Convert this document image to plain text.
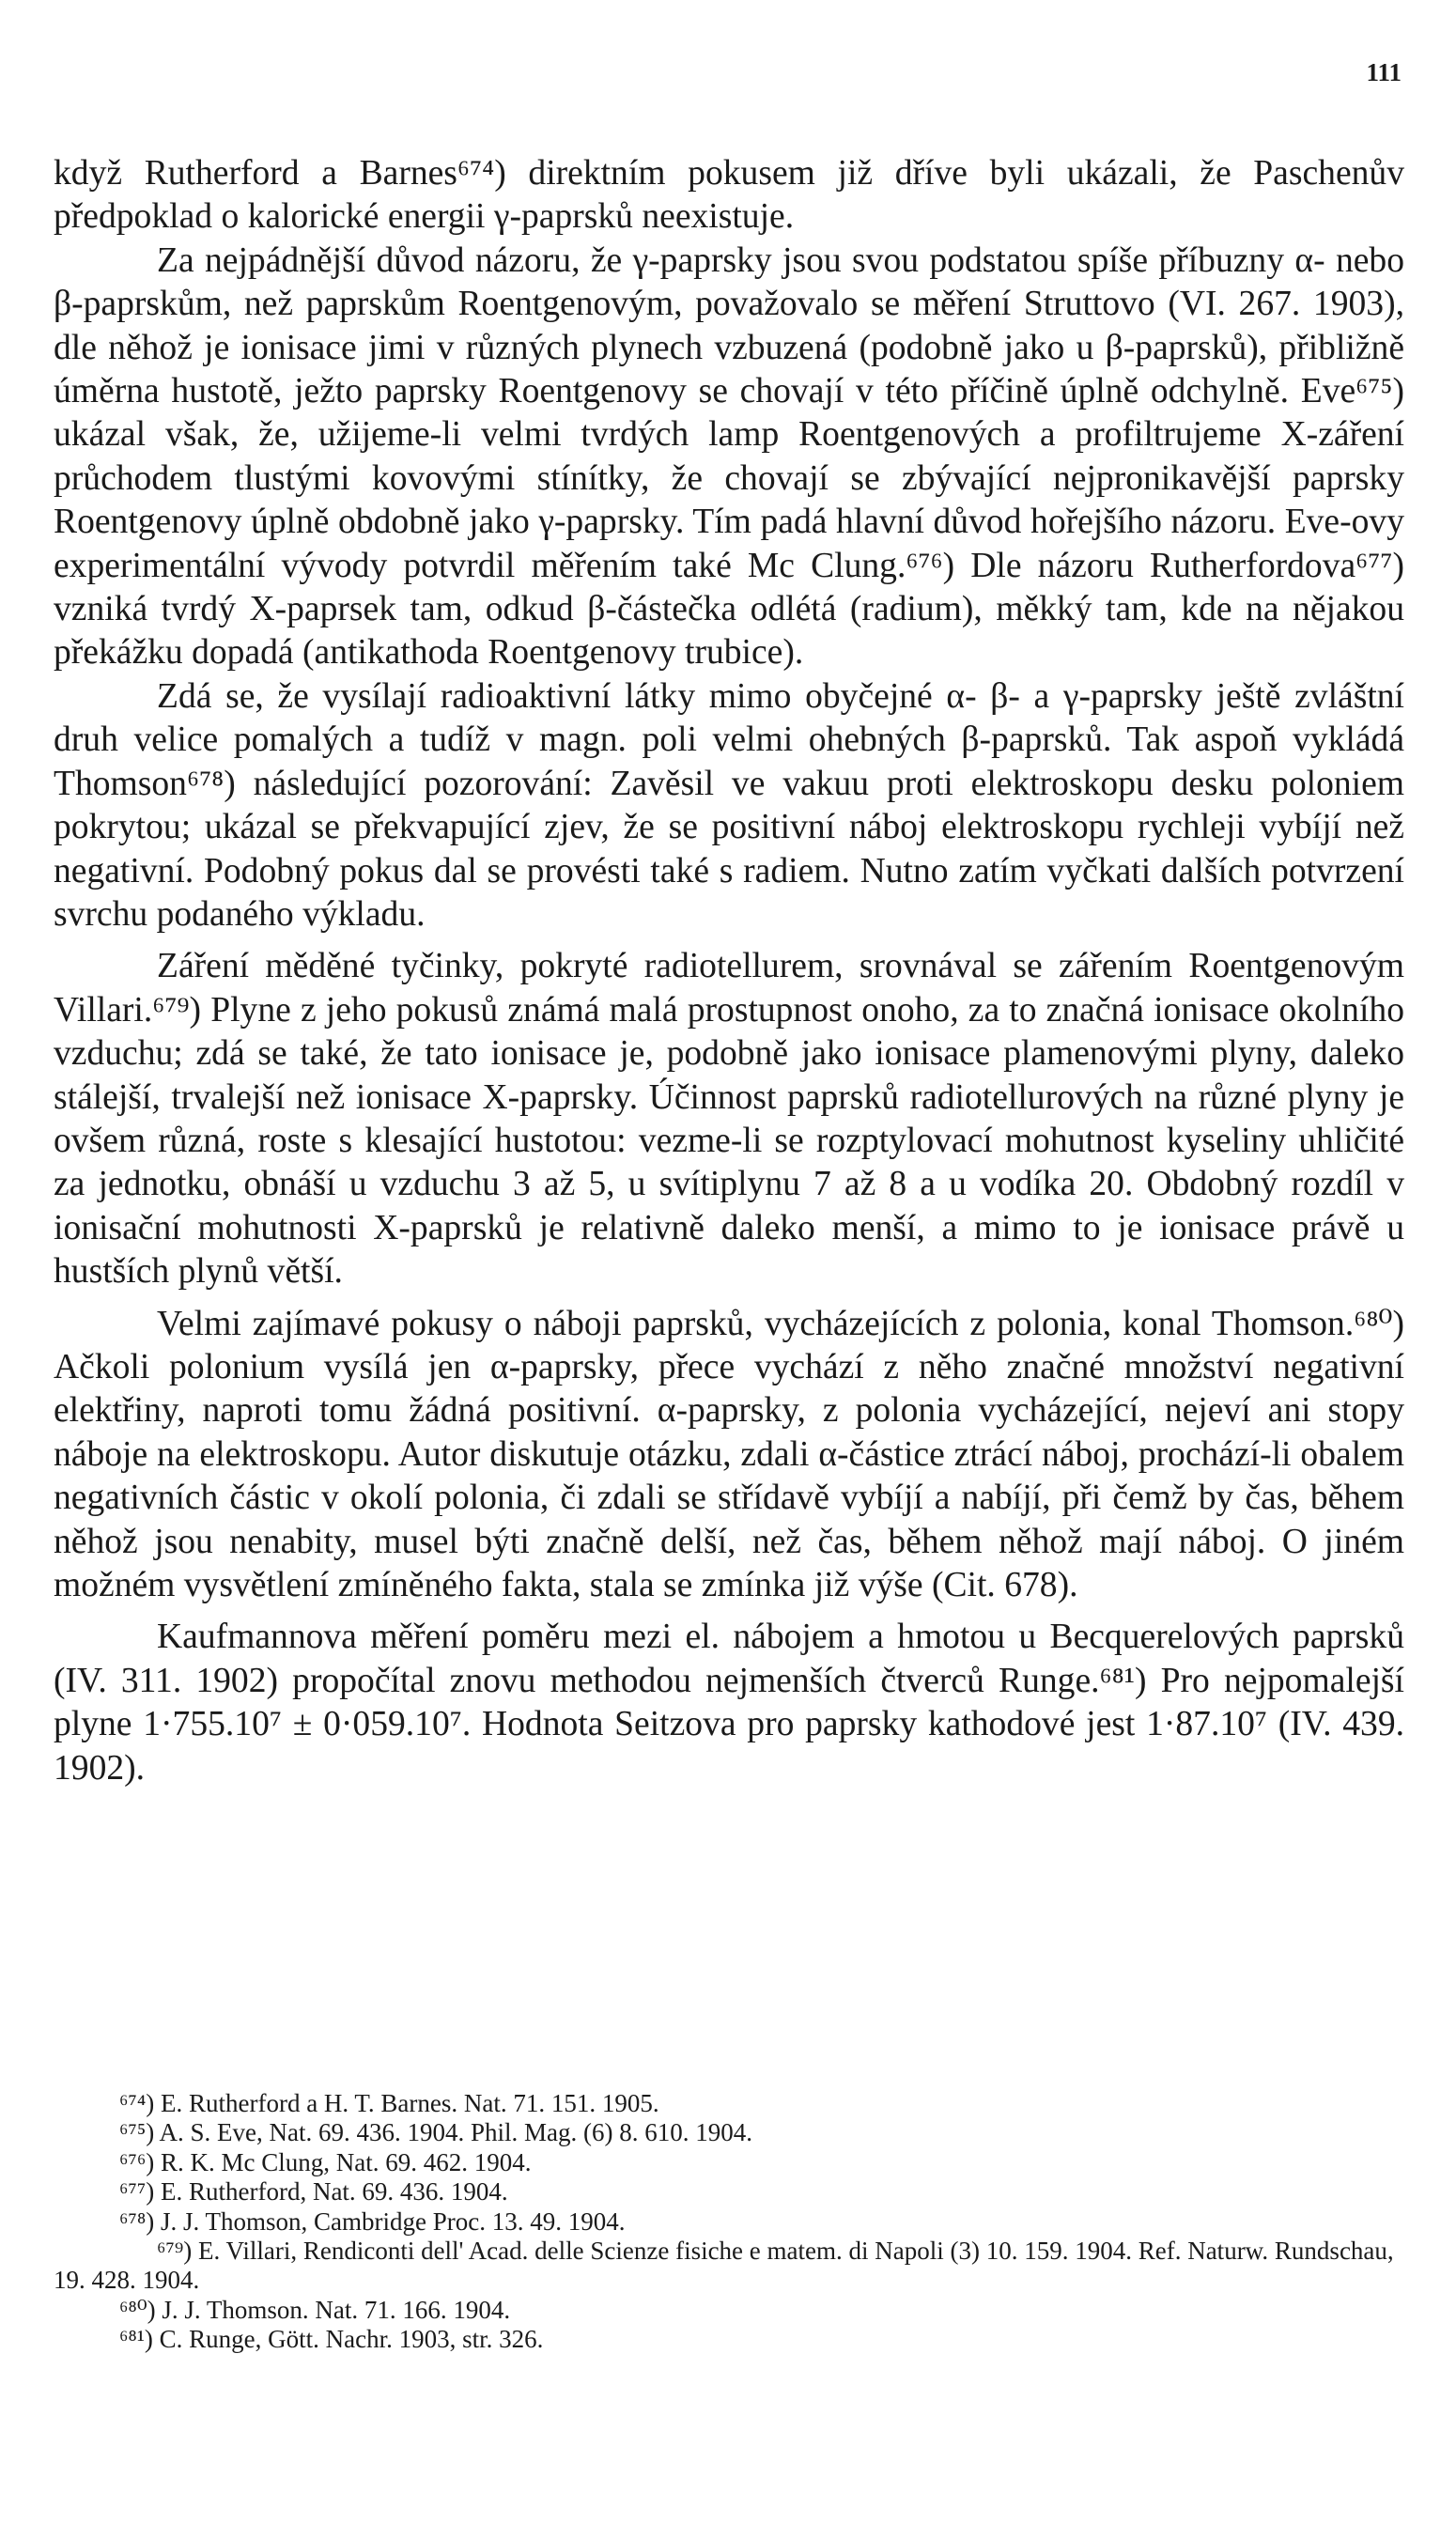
111

když Rutherford a Barnes⁶⁷⁴) direktním pokusem již dříve byli ukázali, že Paschenův předpoklad o kalorické energii γ-paprsků neexistuje.

Za nejpádnější důvod názoru, že γ-paprsky jsou svou podstatou spíše příbuzny α- nebo β-paprskům, než paprskům Roentgenovým, považovalo se měření Struttovo (VI. 267. 1903), dle něhož je ionisace jimi v různých plynech vzbuzená (podobně jako u β-paprsků), přibližně úměrna hustotě, ježto paprsky Roentgenovy se chovají v této příčině úplně odchylně. Eve⁶⁷⁵) ukázal však, že, užijeme-li velmi tvrdých lamp Roentgenových a profiltrujeme X-záření průchodem tlustými kovovými stínítky, že chovají se zbývající nejpronikavější paprsky Roentgenovy úplně obdobně jako γ-paprsky. Tím padá hlavní důvod hořejšího názoru. Eve-ovy experimentální vývody potvrdil měřením také Mc Clung.⁶⁷⁶) Dle názoru Rutherfordova⁶⁷⁷) vzniká tvrdý X-paprsek tam, odkud β-částečka odlétá (radium), měkký tam, kde na nějakou překážku dopadá (antikathoda Roentgenovy trubice).

Zdá se, že vysílají radioaktivní látky mimo obyčejné α- β- a γ-paprsky ještě zvláštní druh velice pomalých a tudíž v magn. poli velmi ohebných β-paprsků. Tak aspoň vykládá Thomson⁶⁷⁸) následující pozorování: Zavěsil ve vakuu proti elektroskopu desku poloniem pokrytou; ukázal se překvapující zjev, že se positivní náboj elektroskopu rychleji vybíjí než negativní. Podobný pokus dal se provésti také s radiem. Nutno zatím vyčkati dalších potvrzení svrchu podaného výkladu.

Záření měděné tyčinky, pokryté radiotellurem, srovnával se zářením Roentgenovým Villari.⁶⁷⁹) Plyne z jeho pokusů známá malá prostupnost onoho, za to značná ionisace okolního vzduchu; zdá se také, že tato ionisace je, podobně jako ionisace plamenovými plyny, daleko stálejší, trvalejší než ionisace X-paprsky. Účinnost paprsků radiotellurových na různé plyny je ovšem různá, roste s klesající hustotou: vezme-li se rozptylovací mohutnost kyseliny uhličité za jednotku, obnáší u vzduchu 3 až 5, u svítiplynu 7 až 8 a u vodíka 20. Obdobný rozdíl v ionisační mohutnosti X-paprsků je relativně daleko menší, a mimo to je ionisace právě u hustších plynů větší.

Velmi zajímavé pokusy o náboji paprsků, vycházejících z polonia, konal Thomson.⁶⁸⁰) Ačkoli polonium vysílá jen α-paprsky, přece vychází z něho značné množství negativní elektřiny, naproti tomu žádná positivní. α-paprsky, z polonia vycházející, nejeví ani stopy náboje na elektroskopu. Autor diskutuje otázku, zdali α-částice ztrácí náboj, prochází-li obalem negativních částic v okolí polonia, či zdali se střídavě vybíjí a nabíjí, při čemž by čas, během něhož jsou nenabity, musel býti značně delší, než čas, během něhož mají náboj. O jiném možném vysvětlení zmíněného fakta, stala se zmínka již výše (Cit. 678).

Kaufmannova měření poměru mezi el. nábojem a hmotou u Becquerelových paprsků (IV. 311. 1902) propočítal znovu methodou nejmenších čtverců Runge.⁶⁸¹) Pro nejpomalejší plyne 1·755.10⁷ ± 0·059.10⁷. Hodnota Seitzova pro paprsky kathodové jest 1·87.10⁷ (IV. 439. 1902).

⁶⁷⁴) E. Rutherford a H. T. Barnes. Nat. 71. 151. 1905.

⁶⁷⁵) A. S. Eve, Nat. 69. 436. 1904. Phil. Mag. (6) 8. 610. 1904.

⁶⁷⁶) R. K. Mc Clung, Nat. 69. 462. 1904.

⁶⁷⁷) E. Rutherford, Nat. 69. 436. 1904.

⁶⁷⁸) J. J. Thomson, Cambridge Proc. 13. 49. 1904.

⁶⁷⁹) E. Villari, Rendiconti dell' Acad. delle Scienze fisiche e matem. di Napoli (3) 10. 159. 1904. Ref. Naturw. Rundschau, 19. 428. 1904.

⁶⁸⁰) J. J. Thomson. Nat. 71. 166. 1904.

⁶⁸¹) C. Runge, Gött. Nachr. 1903, str. 326.
